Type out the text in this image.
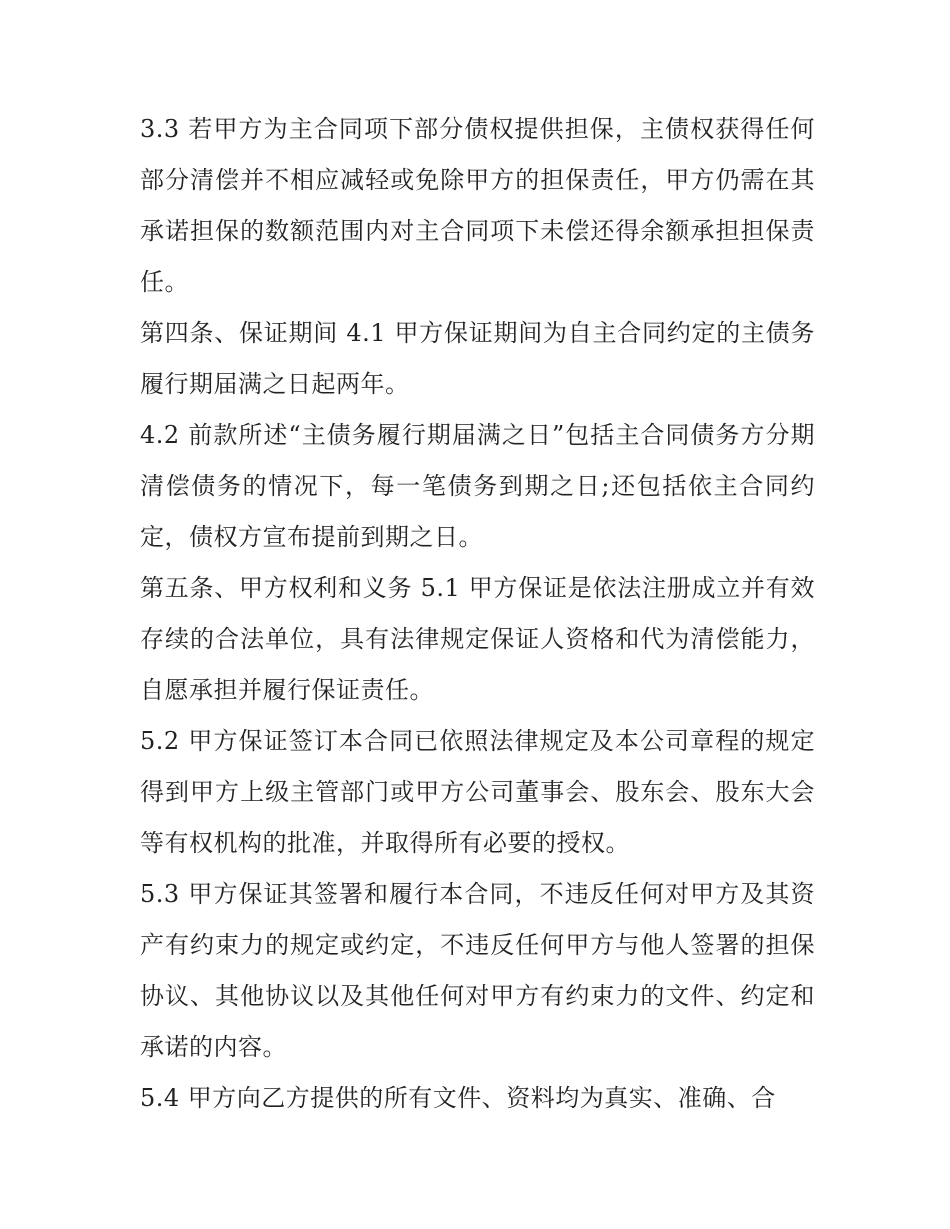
3.3 若甲方为主合同项下部分债权提供担保，主债权获得任何部分清偿并不相应减轻或免除甲方的担保责任，甲方仍需在其承诺担保的数额范围内对主合同项下未偿还得余额承担担保责任。

第四条、保证期间 4.1 甲方保证期间为自主合同约定的主债务履行期届满之日起两年。

4.2 前款所述“主债务履行期届满之日”包括主合同债务方分期清偿债务的情况下，每一笔债务到期之日;还包括依主合同约定，债权方宣布提前到期之日。

第五条、甲方权利和义务 5.1 甲方保证是依法注册成立并有效存续的合法单位，具有法律规定保证人资格和代为清偿能力，自愿承担并履行保证责任。

5.2 甲方保证签订本合同已依照法律规定及本公司章程的规定得到甲方上级主管部门或甲方公司董事会、股东会、股东大会等有权机构的批准，并取得所有必要的授权。

5.3 甲方保证其签署和履行本合同，不违反任何对甲方及其资产有约束力的规定或约定，不违反任何甲方与他人签署的担保协议、其他协议以及其他任何对甲方有约束力的文件、约定和承诺的内容。

5.4 甲方向乙方提供的所有文件、资料均为真实、准确、合
